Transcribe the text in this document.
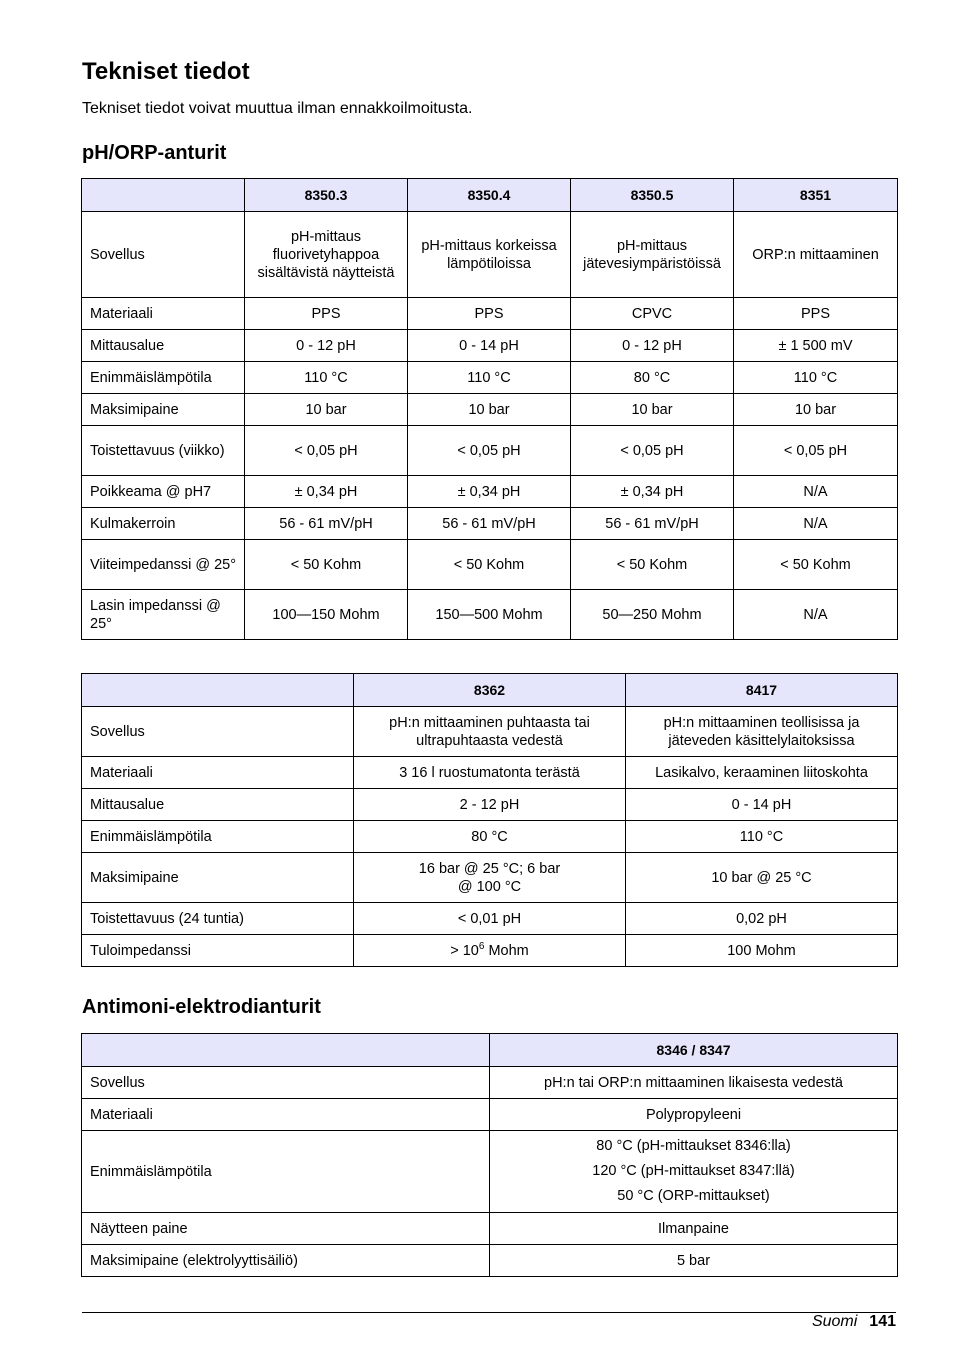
Tekniset tiedot

Tekniset tiedot voivat muuttua ilman ennakkoilmoitusta.

pH/ORP-anturit
	8350.3	8350.4	8350.5	8351
Sovellus	pH-mittaus fluorivetyhappoa sisältävistä näytteistä	pH-mittaus korkeissa lämpötiloissa	pH-mittaus jätevesiympäristöissä	ORP:n mittaaminen
Materiaali	PPS	PPS	CPVC	PPS
Mittausalue	0 - 12 pH	0 - 14 pH	0 - 12 pH	± 1 500 mV
Enimmäislämpötila	110 °C	110 °C	80 °C	110 °C
Maksimipaine	10 bar	10 bar	10 bar	10 bar
Toistettavuus (viikko)	< 0,05 pH	< 0,05 pH	< 0,05 pH	< 0,05 pH
Poikkeama @ pH7	± 0,34 pH	± 0,34 pH	± 0,34 pH	N/A
Kulmakerroin	56 - 61 mV/pH	56 - 61 mV/pH	56 - 61 mV/pH	N/A
Viiteimpedanssi @ 25°	< 50 Kohm	< 50 Kohm	< 50 Kohm	< 50 Kohm
Lasin impedanssi @ 25°	100—150 Mohm	150—500 Mohm	50—250 Mohm	N/A
	8362	8417
Sovellus	pH:n mittaaminen puhtaasta tai ultrapuhtaasta vedestä	pH:n mittaaminen teollisissa ja jäteveden käsittelylaitoksissa
Materiaali	3 16 l ruostumatonta terästä	Lasikalvo, keraaminen liitoskohta
Mittausalue	2 - 12 pH	0 - 14 pH
Enimmäislämpötila	80 °C	110 °C
Maksimipaine	16 bar @ 25 °C; 6 bar @ 100 °C	10 bar @ 25 °C
Toistettavuus (24 tuntia)	< 0,01 pH	0,02 pH
Tuloimpedanssi	> $10^6$ Mohm	100 Mohm
Antimoni-elektrodianturit
	8346 / 8347
Sovellus	pH:n tai ORP:n mittaaminen likaisesta vedestä
Materiaali	Polypropyleeni
Enimmäislämpötila	80 °C (pH-mittaukset 8346:lla)
120 °C (pH-mittaukset 8347:llä)
50 °C (ORP-mittaukset)

Näytteen paine	Ilmanpaine
Maksimipaine (elektrolyyttisäiliö)	5 bar
Suomi 141
